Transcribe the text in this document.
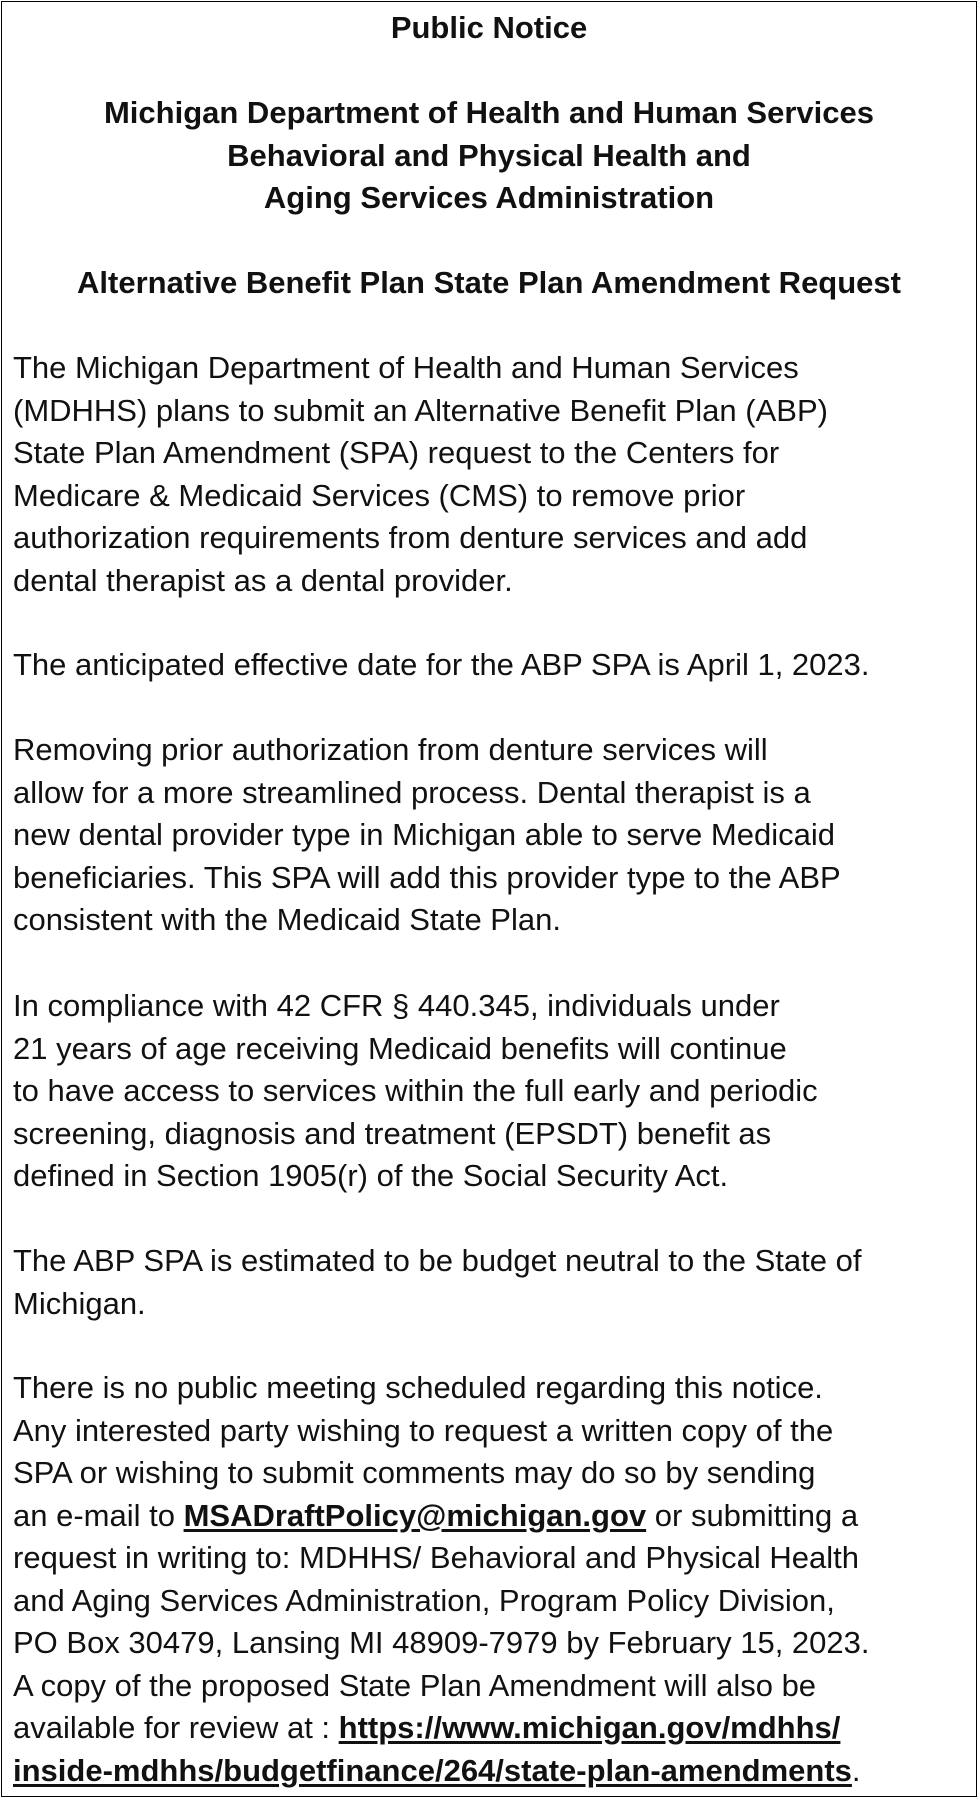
Public Notice
Michigan Department of Health and Human Services
Behavioral and Physical Health and
Aging Services Administration
Alternative Benefit Plan State Plan Amendment Request

The Michigan Department of Health and Human Services
(MDHHS) plans to submit an Alternative Benefit Plan (ABP)
State Plan Amendment (SPA) request to the Centers for
Medicare & Medicaid Services (CMS) to remove prior
authorization requirements from denture services and add
dental therapist as a dental provider.

The anticipated effective date for the ABP SPA is April 1, 2023.

Removing prior authorization from denture services will
allow for a more streamlined process. Dental therapist is a
new dental provider type in Michigan able to serve Medicaid
beneficiaries. This SPA will add this provider type to the ABP
consistent with the Medicaid State Plan.

In compliance with 42 CFR § 440.345, individuals under
21 years of age receiving Medicaid benefits will continue
to have access to services within the full early and periodic
screening, diagnosis and treatment (EPSDT) benefit as
defined in Section 1905(r) of the Social Security Act.

The ABP SPA is estimated to be budget neutral to the State of
Michigan.

There is no public meeting scheduled regarding this notice.
Any interested party wishing to request a written copy of the
SPA or wishing to submit comments may do so by sending
an e-mail to MSADraftPolicy@michigan.gov or submitting a
request in writing to: MDHHS/ Behavioral and Physical Health
and Aging Services Administration, Program Policy Division,
PO Box 30479, Lansing MI 48909-7979 by February 15, 2023.
A copy of the proposed State Plan Amendment will also be
available for review at : https://www.michigan.gov/mdhhs/
inside-mdhhs/budgetfinance/264/state-plan-amendments.
